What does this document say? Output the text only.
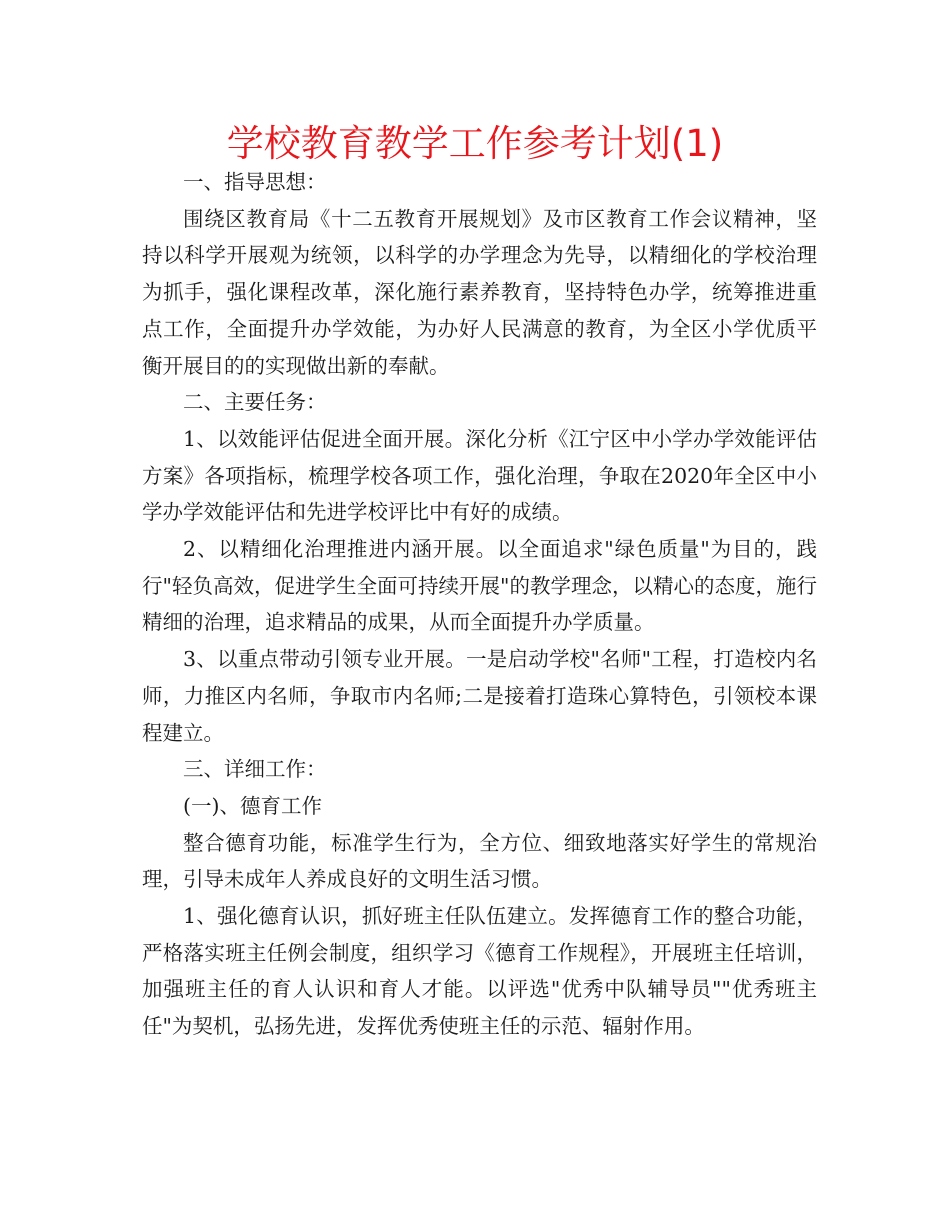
学校教育教学工作参考计划(1)

一、指导思想：

围绕区教育局《十二五教育开展规划》及市区教育工作会议精神，坚持以科学开展观为统领，以科学的办学理念为先导，以精细化的学校治理为抓手，强化课程改革，深化施行素养教育，坚持特色办学，统筹推进重点工作，全面提升办学效能，为办好人民满意的教育，为全区小学优质平衡开展目的的实现做出新的奉献。

二、主要任务：

1、以效能评估促进全面开展。深化分析《江宁区中小学办学效能评估方案》各项指标，梳理学校各项工作，强化治理，争取在2020年全区中小学办学效能评估和先进学校评比中有好的成绩。

2、以精细化治理推进内涵开展。以全面追求"绿色质量"为目的，践行"轻负高效，促进学生全面可持续开展"的教学理念，以精心的态度，施行精细的治理，追求精品的成果，从而全面提升办学质量。

3、以重点带动引领专业开展。一是启动学校"名师"工程，打造校内名师，力推区内名师，争取市内名师;二是接着打造珠心算特色，引领校本课程建立。

三、详细工作：

(一)、德育工作

整合德育功能，标准学生行为，全方位、细致地落实好学生的常规治理，引导未成年人养成良好的文明生活习惯。

1、强化德育认识，抓好班主任队伍建立。发挥德育工作的整合功能，严格落实班主任例会制度，组织学习《德育工作规程》，开展班主任培训，加强班主任的育人认识和育人才能。以评选"优秀中队辅导员""优秀班主任"为契机，弘扬先进，发挥优秀使班主任的示范、辐射作用。
